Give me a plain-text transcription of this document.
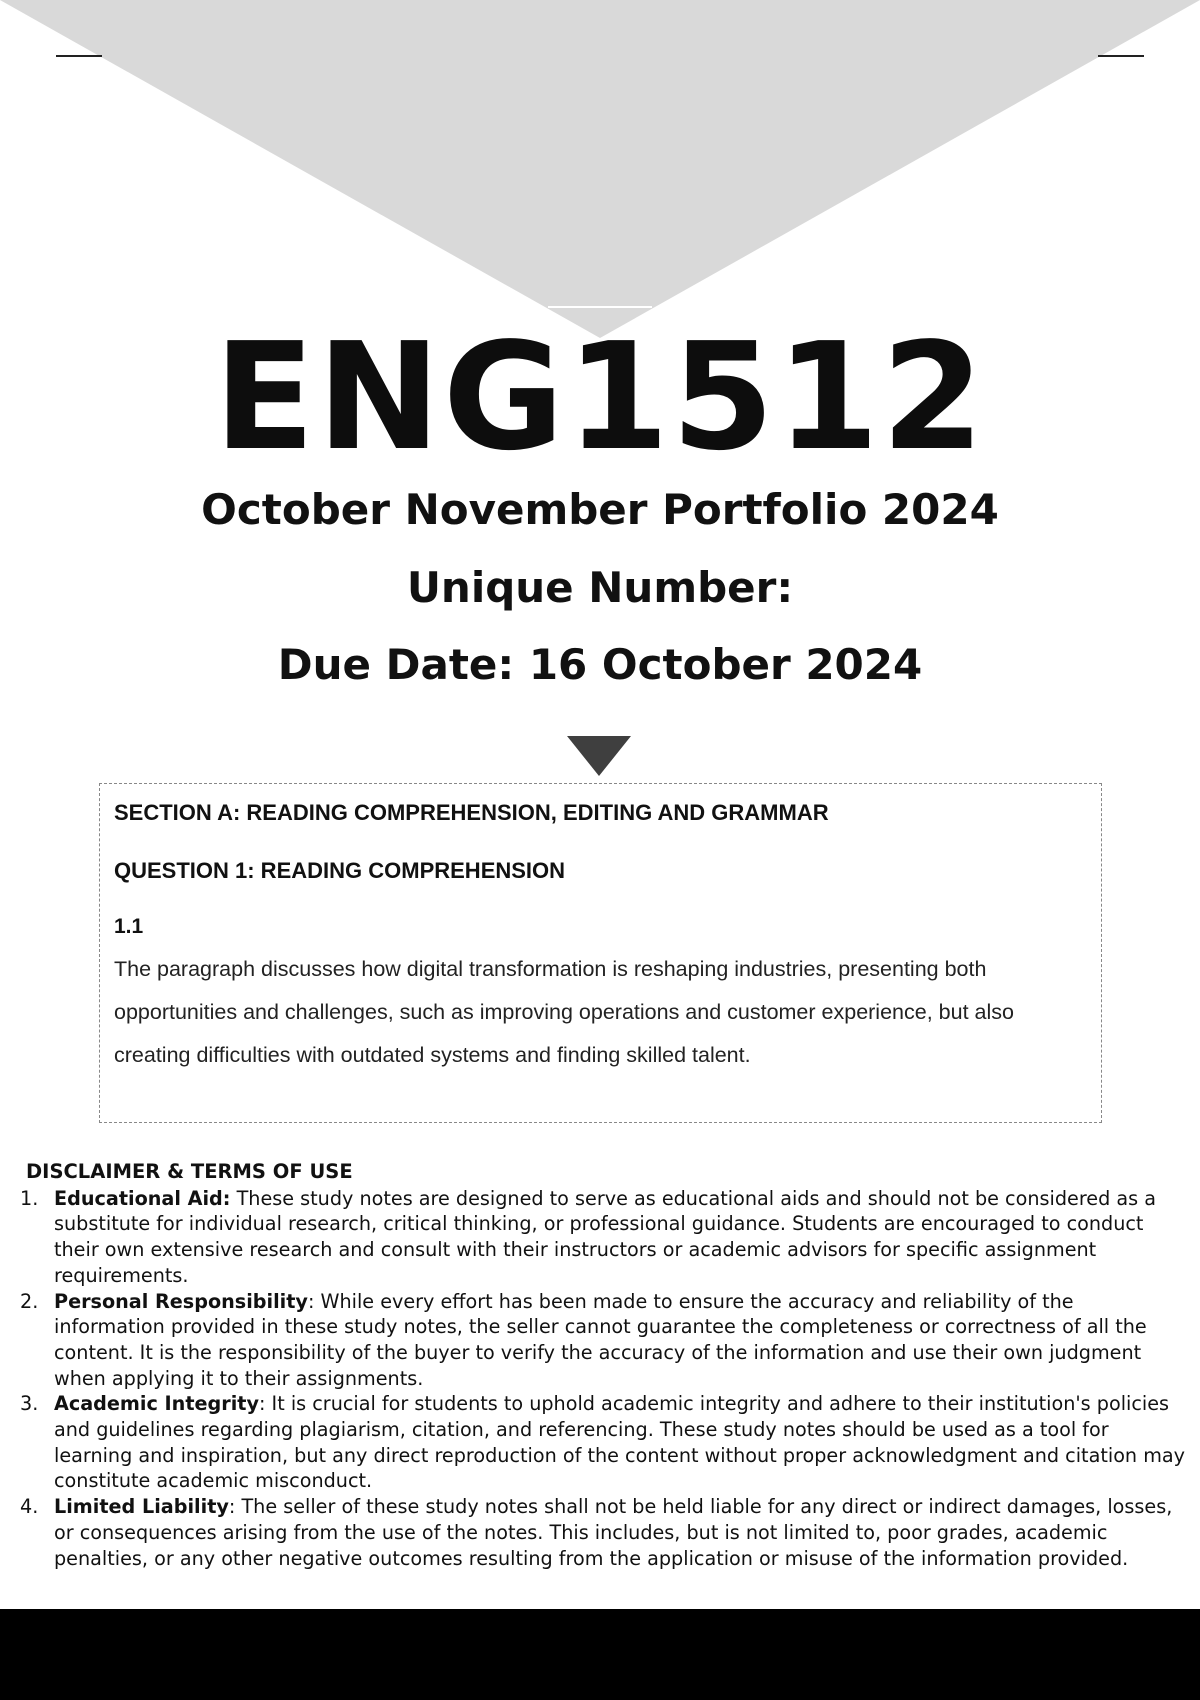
ENG1512
October November Portfolio 2024
Unique Number:
Due Date: 16 October 2024
SECTION A: READING COMPREHENSION, EDITING AND GRAMMAR
QUESTION 1: READING COMPREHENSION
1.1

The paragraph discusses how digital transformation is reshaping industries, presenting both opportunities and challenges, such as improving operations and customer experience, but also creating difficulties with outdated systems and finding skilled talent.

DISCLAIMER & TERMS OF USE
1. Educational Aid: These study notes are designed to serve as educational aids and should not be considered as a substitute for individual research, critical thinking, or professional guidance. Students are encouraged to conduct their own extensive research and consult with their instructors or academic advisors for specific assignment requirements.
2. Personal Responsibility: While every effort has been made to ensure the accuracy and reliability of the information provided in these study notes, the seller cannot guarantee the completeness or correctness of all the content. It is the responsibility of the buyer to verify the accuracy of the information and use their own judgment when applying it to their assignments.
3. Academic Integrity: It is crucial for students to uphold academic integrity and adhere to their institution's policies and guidelines regarding plagiarism, citation, and referencing. These study notes should be used as a tool for learning and inspiration, but any direct reproduction of the content without proper acknowledgment and citation may constitute academic misconduct.
4. Limited Liability: The seller of these study notes shall not be held liable for any direct or indirect damages, losses, or consequences arising from the use of the notes. This includes, but is not limited to, poor grades, academic penalties, or any other negative outcomes resulting from the application or misuse of the information provided.
